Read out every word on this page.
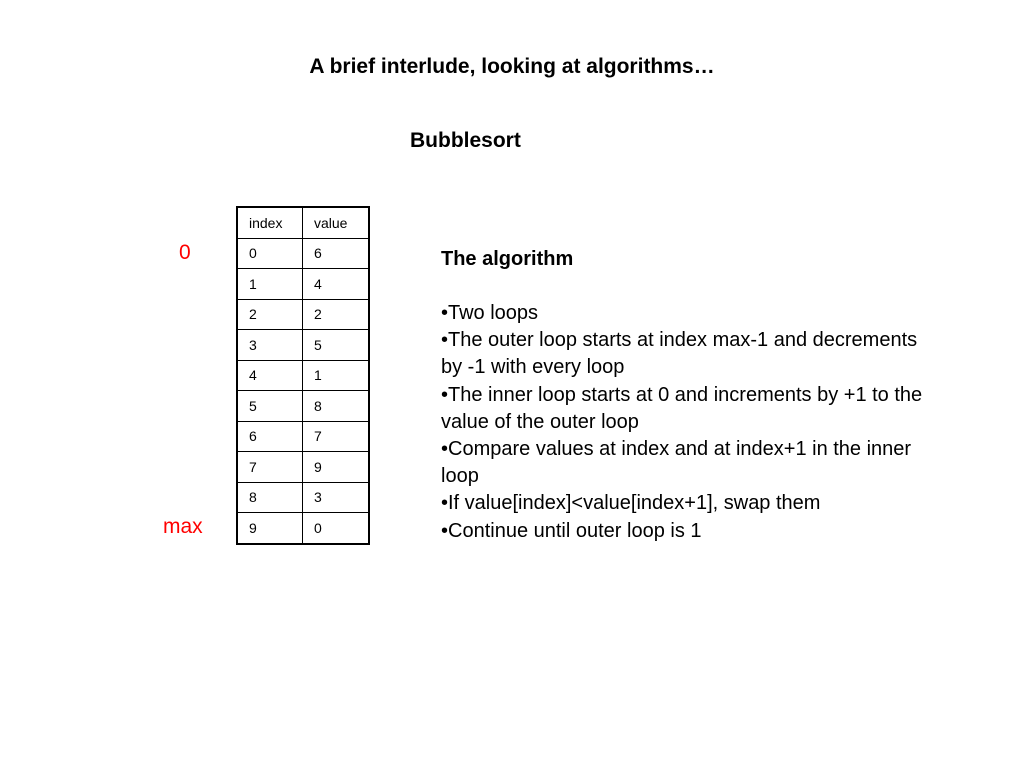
A brief interlude, looking at algorithms…
Bubblesort
0
max
index	value
0	6
1	4
2	2
3	5
4	1
5	8
6	7
7	9
8	3
9	0
The algorithm
•Two loops
•The outer loop starts at index max-1 and decrements by -1 with every loop
•The inner loop starts at 0 and increments by +1 to the value of the outer loop
•Compare values at index and at index+1 in the inner loop
•If value[index]<value[index+1], swap them
•Continue until outer loop is 1
